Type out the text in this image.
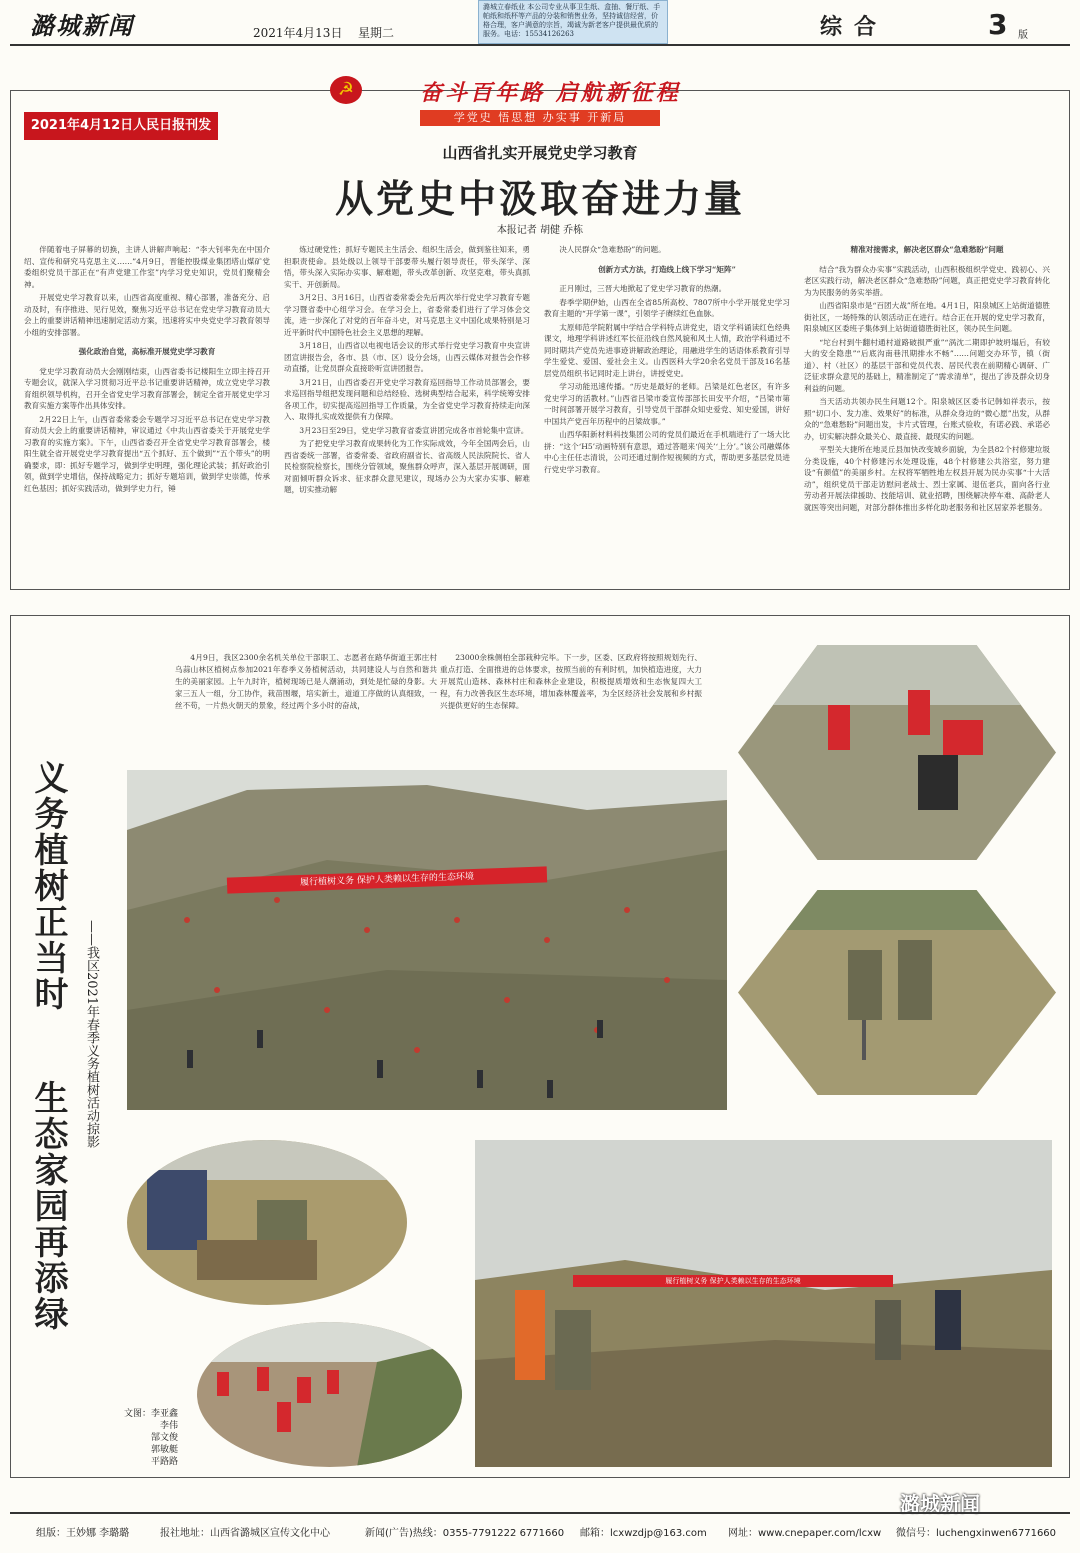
潞城新闻	2021年4月13日 星期二	综合	3 版
潞城立春纸业 本公司专业从事卫生纸、盒抽、餐厅纸、手帕纸和纸杯等产品的分装和销售业务，坚持诚信经营，价格合理，客户满意的宗旨，竭诚为新老客户提供最优质的服务。电话：15534126263
☭	奋斗百年路 启航新征程
学党史 悟思想 办实事 开新局
2021年4月12日人民日报刊发
山西省扎实开展党史学习教育
从党史中汲取奋进力量
本报记者 胡健 乔栋

伴随着电子屏幕的切换，主讲人讲解声响起：“李大钊率先在中国介绍、宣传和研究马克思主义……”4月9日，晋能控股煤业集团塔山煤矿党委组织党员干部正在“有声党建工作室”内学习党史知识，党员们聚精会神。

开展党史学习教育以来，山西省高度重视、精心部署，准备充分、启动及时，有序推进、见行见效，聚焦习近平总书记在党史学习教育动员大会上的重要讲话精神迅速制定活动方案，迅速将实中央党史学习教育领导小组的安排部署。

强化政治自觉，高标准开展党史学习教育

党史学习教育动员大会刚刚结束，山西省委书记楼阳生立即主持召开专题会议，就深入学习贯彻习近平总书记重要讲话精神，成立党史学习教育组织领导机构，召开全省党史学习教育部署会，制定全省开展党史学习教育实施方案等作出具体安排。

2月22日上午，山西省委常委会专题学习习近平总书记在党史学习教育动员大会上的重要讲话精神，审议通过《中共山西省委关于开展党史学习教育的实施方案》。下午，山西省委召开全省党史学习教育部署会，楼阳生就全省开展党史学习教育提出“五个抓好、五个做到”“五个带头”的明确要求，即：抓好专题学习，做到学史明理，强化理论武装；抓好政治引领，做到学史增信，保持战略定力；抓好专题培训，做到学史崇德，传承红色基因；抓好实践活动，做到学史力行，锤

炼过硬党性；抓好专题民主生活会、组织生活会，做到鉴往知来，勇担职责使命。县处级以上领导干部要带头履行领导责任，带头深学、深悟，带头深入实际办实事、解难题，带头改革创新、攻坚克难，带头真抓实干、开创新局。

3月2日、3月16日，山西省委常委会先后两次举行党史学习教育专题学习暨省委中心组学习会。在学习会上，省委常委们进行了学习体会交流，进一步深化了对党的百年奋斗史，对马克思主义中国化成果特别是习近平新时代中国特色社会主义思想的理解。

3月18日，山西省以电视电话会议的形式举行党史学习教育中央宣讲团宣讲报告会，各市、县（市、区）设分会场，山西云媒体对报告会作移动直播，让党员群众直接聆听宣讲团报告。

3月21日，山西省委召开党史学习教育巡回指导工作动员部署会，要求巡回指导组把发现问题和总结经验、选树典型结合起来，科学统筹安排各项工作，切实提高巡回指导工作质量，为全省党史学习教育持续走向深入、取得扎实成效提供有力保障。

3月23日至29日，党史学习教育省委宣讲团完成各市首轮集中宣讲。

为了把党史学习教育成果转化为工作实际成效，今年全国两会后，山西省委统一部署，省委常委、省政府副省长、省高级人民法院院长、省人民检察院检察长，围绕分管领域，聚焦群众呼声，深入基层开展调研，面对面倾听群众诉求、征求群众意见建议，现场办公为大家办实事、解难题，切实推动解

决人民群众“急难愁盼”的问题。

创新方式方法，打造线上线下学习“矩阵”

正月刚过，三晋大地掀起了党史学习教育的热潮。

春季学期伊始，山西在全省85所高校、7807所中小学开展党史学习教育主题的“开学第一课”，引领学子赓续红色血脉。

太原师范学院附属中学结合学科特点讲党史，语文学科诵读红色经典课文，地理学科讲述红军长征沿线自然风貌和风土人情，政治学科通过不同时期共产党员先进事迹讲解政治理论，用融进学生的话语体系教育引导学生爱党、爱国、爱社会主义。山西医科大学20余名党员干部及16名基层党员组织书记同时走上讲台，讲授党史。

学习动能迅速传播。“历史是最好的老师。吕梁是红色老区，有许多党史学习的活教材。”山西省吕梁市委宣传部部长田安平介绍，“吕梁市第一时间部署开展学习教育，引导党员干部群众知史爱党、知史爱国，讲好中国共产党百年历程中的吕梁故事。”

山西华阳新材料科技集团公司的党员们最近在手机端进行了一场大比拼：“这个‘H5’动画特别有意思，通过答题来‘闯关’‘上分’。”该公司融媒体中心主任任志清说，公司还通过制作短视频的方式，帮助更多基层党员进行党史学习教育。

精准对接需求，解决老区群众“急难愁盼”问题

结合“我为群众办实事”实践活动，山西积极组织学党史、践初心、兴老区实践行动，解决老区群众“急难愁盼”问题，真正把党史学习教育转化为为民服务的务实举措。

山西省阳泉市是“百团大战”所在地。4月1日，阳泉城区上站街道德胜街社区，一场特殊的认领活动正在进行。结合正在开展的党史学习教育，阳泉城区区委班子集体到上站街道德胜街社区，领办民生问题。

“坨台村到牛翻村通村道路破损严重”“涡沈二期即护坡坍塌后，有较大的安全隐患”“后底沟南巷汛期排水不畅”……问题交办环节，镇（街道）、村（社区）的基层干部和党员代表、居民代表在前期精心调研、广泛征求群众意见的基础上，精准制定了“需求清单”，提出了涉及群众切身利益的问题。

当天活动共领办民生问题12个。阳泉城区区委书记韩如祥表示，按照“切口小、发力准、效果好”的标准，从群众身边的“微心愿”出发，从群众的“急难愁盼”问题出发，卡片式管理，台账式验收，有诺必践、承诺必办，切实解决群众最关心、最直接、最现实的问题。

平型关大捷所在地灵丘县加快改变城乡面貌，为全县82个村修建垃圾分类设施，40个村修建污水处理设施，48个村修建公共浴室，努力建设“有颜值”的美丽乡村。左权将军牺牲地左权县开展为民办实事“十大活动”，组织党员干部走访慰问老战士、烈士家属、退伍老兵，面向各行业劳动者开展法律援助、技能培训、就业招聘，围绕解决停车难、高龄老人就医等突出问题，对部分群体推出多样化助老服务和社区居家养老服务。

义务植树正当时
生态家园再添绿
——我区2021年春季义务植树活动掠影

4月9日，我区2300余名机关单位干部职工、志愿者在路华街道王郭庄村乌蒜山林区植树点参加2021年春季义务植树活动，共同建设人与自然和谐共生的美丽家园。上午九时许，植树现场已是人潮涌动，到处是忙碌的身影。大家三五人一组，分工协作，栽苗围堰，培实新土，道道工序做的认真细致，一丝不苟，一片热火朝天的景象，经过两个多小时的奋战，

23000余株侧柏全部栽种完毕。下一步，区委、区政府将按照规划先行、重点打造、全面推进的总体要求，按照当前的有利时机，加快植造进度，大力开展荒山造林、森林村庄和森林企业建设，积极提质增效和生态恢复四大工程，有力改善我区生态环境，增加森林覆盖率，为全区经济社会发展和乡村振兴提供更好的生态保障。

履行植树义务 保护人类赖以生存的生态环境
履行植树义务 保护人类赖以生存的生态环境
文图：李亚鑫
李伟
郜文俊
郭敏艇
平路路
潞城新闻
组版：王妙娜 李璐璐	报社地址：山西省潞城区宣传文化中心	新闻(广告)热线：0355-7791222 6771660 邮箱：lcxwzdjp@163.com 网址：www.cnepaper.com/lcxw 微信号：luchengxinwen6771660
